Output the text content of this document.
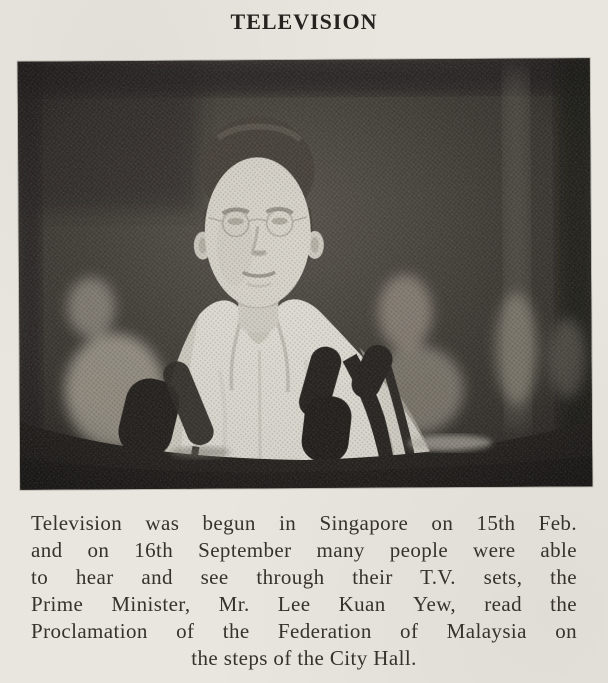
TELEVISION
Television was begun in Singapore on 15th Feb.
and on 16th September many people were able
to hear and see through their T.V. sets, the
Prime Minister, Mr. Lee Kuan Yew, read the
Proclamation of the Federation of Malaysia on
the steps of the City Hall.
